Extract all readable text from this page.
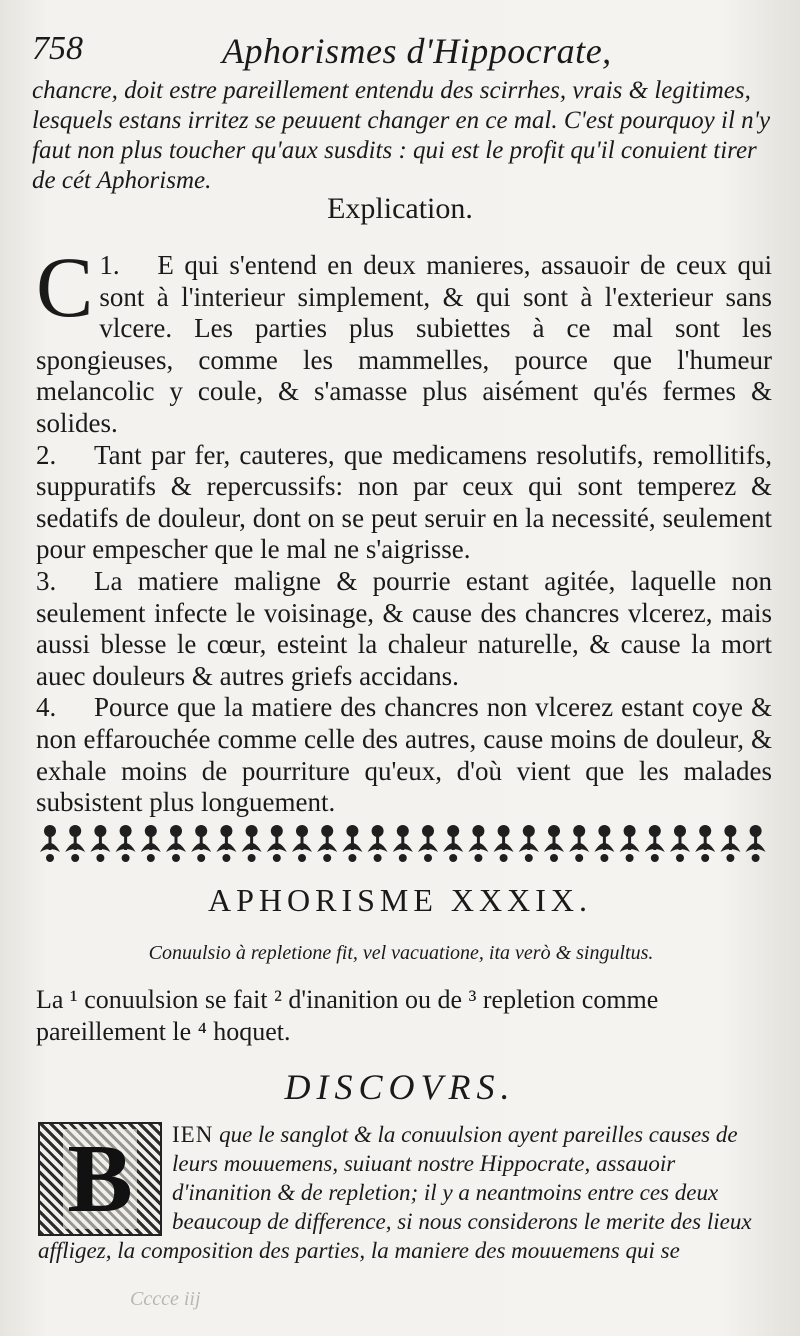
758	Aphorismes d'Hippocrate,

chancre, doit estre pareillement entendu des scirrhes, vrais & legitimes, lesquels estans irritez se peuuent changer en ce mal. C'est pourquoy il n'y faut non plus toucher qu'aux susdits : qui est le profit qu'il conuient tirer de cét Aphorisme.

Explication.

1.
C E qui s'entend en deux manieres, assauoir de ceux qui sont à l'interieur simplement, & qui sont à l'exterieur sans vlcere. Les parties plus subiettes à ce mal sont les spongieuses, comme les mammelles, pource que l'humeur melancolic y coule, & s'amasse plus aisément qu'és fermes & solides.

2. Tant par fer, cauteres, que medicamens resolutifs, remollitifs, suppuratifs & repercussifs: non par ceux qui sont temperez & sedatifs de douleur, dont on se peut seruir en la necessité, seulement pour empescher que le mal ne s'aigrisse.

3. La matiere maligne & pourrie estant agitée, laquelle non seulement infecte le voisinage, & cause des chancres vlcerez, mais aussi blesse le cœur, esteint la chaleur naturelle, & cause la mort auec douleurs & autres griefs accidans.

4. Pource que la matiere des chancres non vlcerez estant coye & non effarouchée comme celle des autres, cause moins de douleur, & exhale moins de pourriture qu'eux, d'où vient que les malades subsistent plus longuement.

APHORISME XXXIX.
Conuulsio à repletione fit, vel vacuatione, ita verò & singultus.
La ¹ conuulsion se fait ² d'inanition ou de ³ repletion comme pareillement le ⁴ hoquet.
DISCOVRS.
B IEN que le sanglot & la conuulsion ayent pareilles causes de leurs mouuemens, suiuant nostre Hippocrate, assauoir d'inanition & de repletion; il y a neantmoins entre ces deux beaucoup de difference, si nous considerons le merite des lieux affligez, la composition des parties, la maniere des mouuemens qui se
Cccce iij
